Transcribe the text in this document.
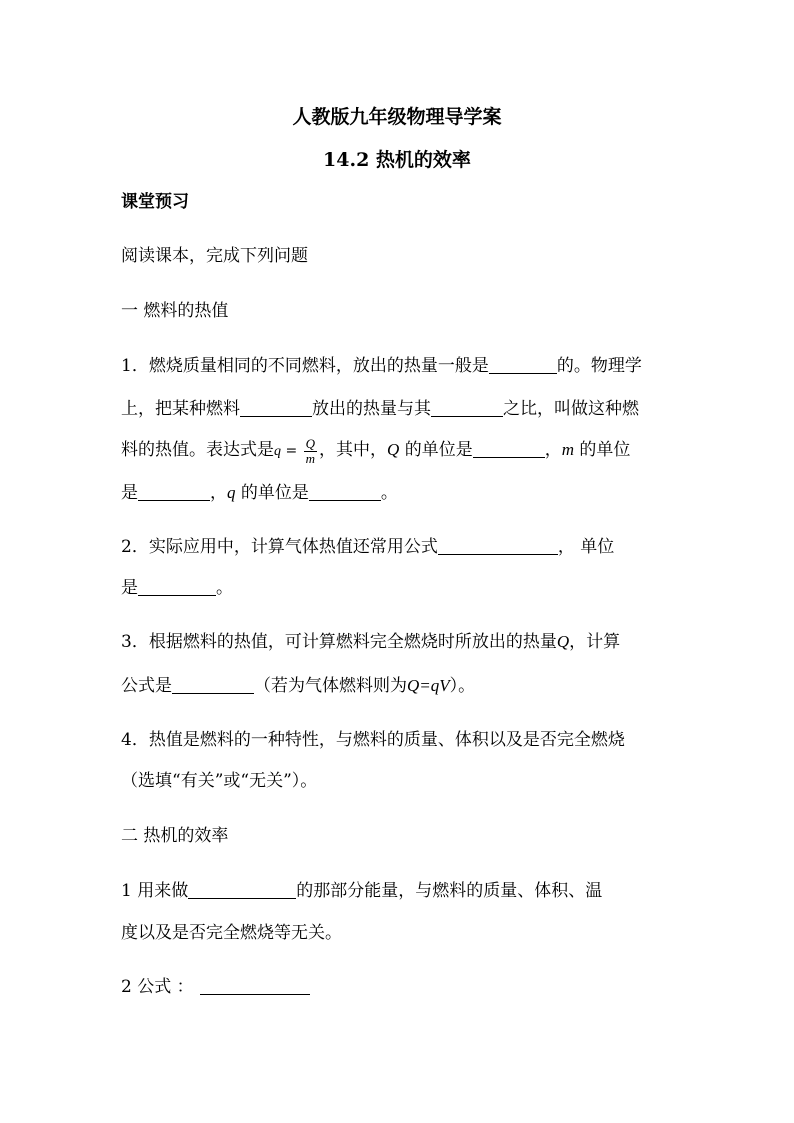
人教版九年级物理导学案
14.2 热机的效率
课堂预习
阅读课本，完成下列问题
一 燃料的热值
1．燃烧质量相同的不同燃料，放出的热量一般是	的。物理学
上，把某种燃料	放出的热量与其	之比，叫做这种燃
料的热值。表达式是$q = \frac{Q}{m}$ ，其中，Q 的单位是	，m 的单位
是	，q 的单位是	。
2．实际应用中，计算气体热值还常用公式	， 单位
是	。
3．根据燃料的热值，可计算燃料完全燃烧时所放出的热量Q，计算
公式是	（若为气体燃料则为Q=qV）。
4．热值是燃料的一种特性，与燃料的质量、体积以及是否完全燃烧
（选填“有关”或“无关”）。
二 热机的效率
1 用来做	的那部分能量，与燃料的质量、体积、温
度以及是否完全燃烧等无关。
2 公式 ：
